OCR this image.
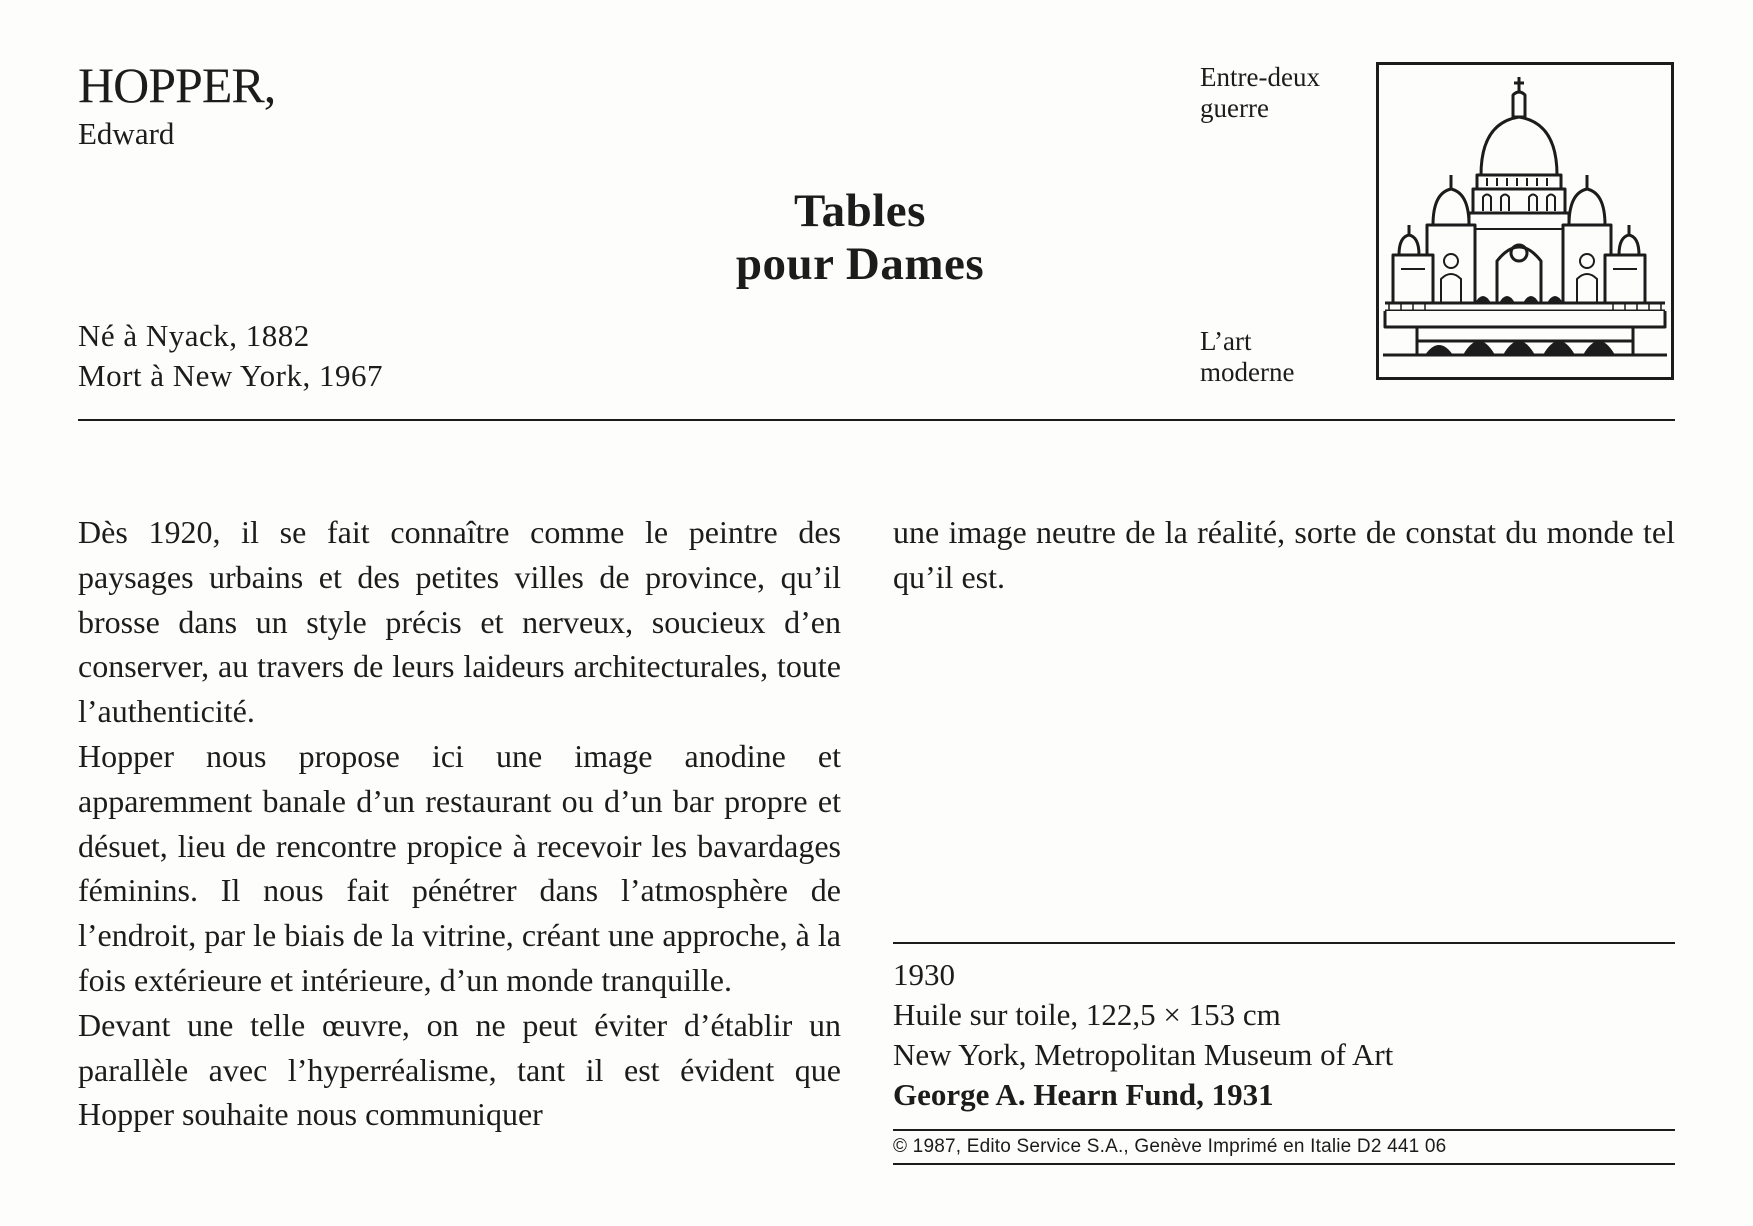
HOPPER,
Edward
Né à Nyack, 1882
Mort à New York, 1967
Tables
pour Dames
Entre-deux
guerre
L’art
moderne

Dès 1920, il se fait connaître comme le peintre des paysages urbains et des petites villes de province, qu’il brosse dans un style précis et nerveux, soucieux d’en conserver, au travers de leurs laideurs architecturales, toute l’authenticité.

Hopper nous propose ici une image anodine et apparemment banale d’un restaurant ou d’un bar propre et désuet, lieu de rencontre propice à recevoir les bavardages féminins. Il nous fait pénétrer dans l’atmosphère de l’endroit, par le biais de la vitrine, créant une approche, à la fois extérieure et intérieure, d’un monde tranquille.

Devant une telle œuvre, on ne peut éviter d’établir un parallèle avec l’hyperréalisme, tant il est évident que Hopper souhaite nous communiquer

une image neutre de la réalité, sorte de constat du monde tel qu’il est.

1930
Huile sur toile, 122,5 × 153 cm
New York, Metropolitan Museum of Art
George A. Hearn Fund, 1931
© 1987, Edito Service S.A., Genève Imprimé en Italie D2 441 06
